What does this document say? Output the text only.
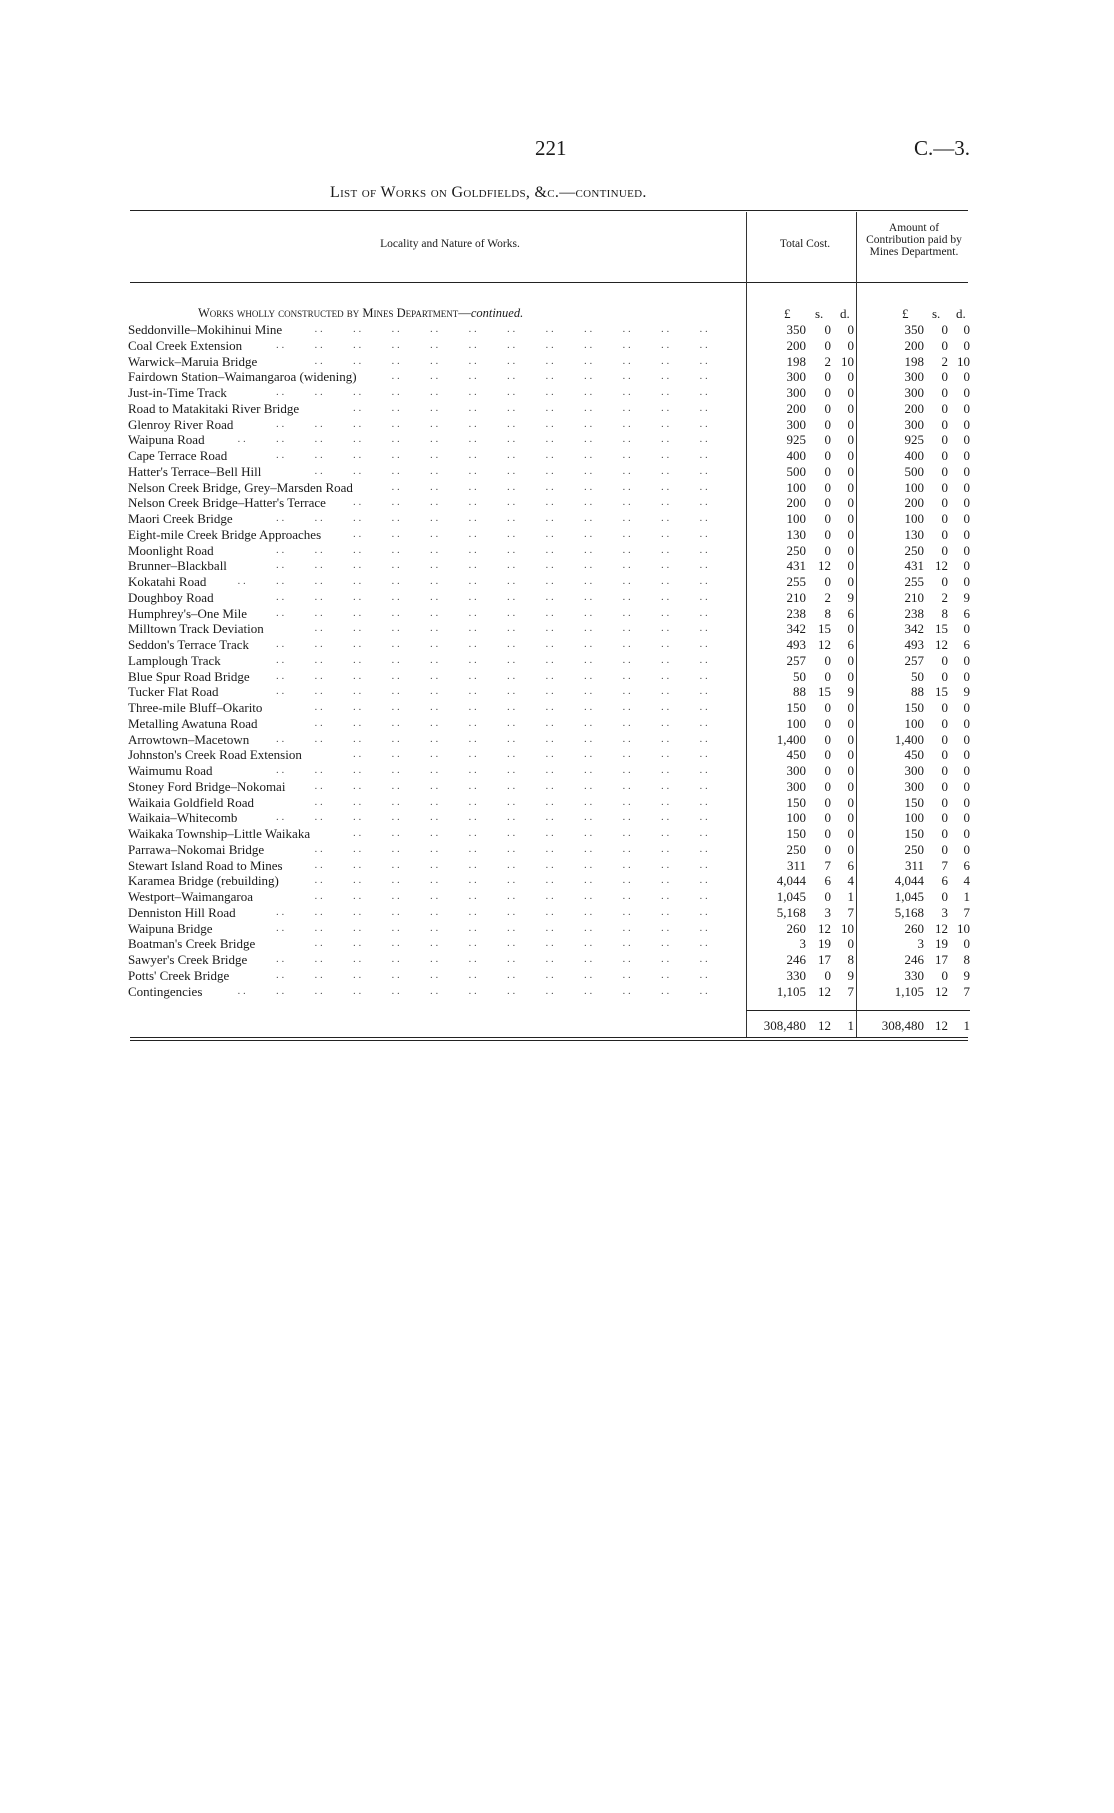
221	C.—3.
List of Works on Goldfields, &c.—continued.
Locality and Nature of Works.	Total Cost.
Amount of Contribution paid by Mines Department.
Works wholly constructed by Mines Department—continued.	£ s. d.	£ s. d.
Seddonville–Mokihinui Mine	. .           . .           . .           . .           . .           . .           . .           . .           . .           . .           . .	350	0	0	350	0	0
Coal Creek Extension	. .           . .           . .           . .           . .           . .           . .           . .           . .           . .           . .           . .	200	0	0	200	0	0
Warwick–Maruia Bridge	. .           . .           . .           . .           . .           . .           . .           . .           . .           . .           . .	198	2 10	198	2 10
Fairdown Station–Waimangaroa (widening)	. .           . .           . .           . .           . .           . .           . .           . .           . .	300	0	0	300	0	0
Just-in-Time Track	. .           . .           . .           . .           . .           . .           . .           . .           . .           . .           . .           . .	300	0	0	300	0	0
Road to Matakitaki River Bridge	. .           . .           . .           . .           . .           . .           . .           . .           . .           . .	200	0	0	200	0	0
Glenroy River Road	. .           . .           . .           . .           . .           . .           . .           . .           . .           . .           . .           . .	300	0	0	300	0	0
Waipuna Road	. .           . .           . .           . .           . .           . .           . .           . .           . .           . .           . .           . .           . .	925	0	0	925	0	0
Cape Terrace Road	. .           . .           . .           . .           . .           . .           . .           . .           . .           . .           . .           . .	400	0	0	400	0	0
Hatter's Terrace–Bell Hill	. .           . .           . .           . .           . .           . .           . .           . .           . .           . .           . .	500	0	0	500	0	0
Nelson Creek Bridge, Grey–Marsden Road	. .           . .           . .           . .           . .           . .           . .           . .           . .	100	0	0	100	0	0
Nelson Creek Bridge–Hatter's Terrace	. .           . .           . .           . .           . .           . .           . .           . .           . .           . .	200	0	0	200	0	0
Maori Creek Bridge	. .           . .           . .           . .           . .           . .           . .           . .           . .           . .           . .           . .	100	0	0	100	0	0
Eight-mile Creek Bridge Approaches	. .           . .           . .           . .           . .           . .           . .           . .           . .           . .	130	0	0	130	0	0
Moonlight Road	. .           . .           . .           . .           . .           . .           . .           . .           . .           . .           . .           . .	250	0	0	250	0	0
Brunner–Blackball	. .           . .           . .           . .           . .           . .           . .           . .           . .           . .           . .           . .	431 12	0	431 12	0
Kokatahi Road	. .           . .           . .           . .           . .           . .           . .           . .           . .           . .           . .           . .           . .	255	0	0	255	0	0
Doughboy Road	. .           . .           . .           . .           . .           . .           . .           . .           . .           . .           . .           . .	210	2	9	210	2	9
Humphrey's–One Mile	. .           . .           . .           . .           . .           . .           . .           . .           . .           . .           . .           . .	238	8	6	238	8	6
Milltown Track Deviation	. .           . .           . .           . .           . .           . .           . .           . .           . .           . .           . .	342 15	0	342 15	0
Seddon's Terrace Track	. .           . .           . .           . .           . .           . .           . .           . .           . .           . .           . .           . .	493 12	6	493 12	6
Lamplough Track	. .           . .           . .           . .           . .           . .           . .           . .           . .           . .           . .           . .	257	0	0	257	0	0
Blue Spur Road Bridge	. .           . .           . .           . .           . .           . .           . .           . .           . .           . .           . .           . .	50	0	0	50	0	0
Tucker Flat Road	. .           . .           . .           . .           . .           . .           . .           . .           . .           . .           . .           . .	88 15	9	88 15	9
Three-mile Bluff–Okarito	. .           . .           . .           . .           . .           . .           . .           . .           . .           . .           . .	150	0	0	150	0	0
Metalling Awatuna Road	. .           . .           . .           . .           . .           . .           . .           . .           . .           . .           . .	100	0	0	100	0	0
Arrowtown–Macetown	. .           . .           . .           . .           . .           . .           . .           . .           . .           . .           . .           . .	1,400	0	0	1,400	0	0
Johnston's Creek Road Extension	. .           . .           . .           . .           . .           . .           . .           . .           . .           . .	450	0	0	450	0	0
Waimumu Road	. .           . .           . .           . .           . .           . .           . .           . .           . .           . .           . .           . .	300	0	0	300	0	0
Stoney Ford Bridge–Nokomai	. .           . .           . .           . .           . .           . .           . .           . .           . .           . .           . .	300	0	0	300	0	0
Waikaia Goldfield Road	. .           . .           . .           . .           . .           . .           . .           . .           . .           . .           . .	150	0	0	150	0	0
Waikaia–Whitecomb	. .           . .           . .           . .           . .           . .           . .           . .           . .           . .           . .           . .	100	0	0	100	0	0
Waikaka Township–Little Waikaka	. .           . .           . .           . .           . .           . .           . .           . .           . .           . .	150	0	0	150	0	0
Parrawa–Nokomai Bridge	. .           . .           . .           . .           . .           . .           . .           . .           . .           . .           . .	250	0	0	250	0	0
Stewart Island Road to Mines	. .           . .           . .           . .           . .           . .           . .           . .           . .           . .           . .	311	7	6	311	7	6
Karamea Bridge (rebuilding)	. .           . .           . .           . .           . .           . .           . .           . .           . .           . .           . .	4,044	6	4	4,044	6	4
Westport–Waimangaroa	. .           . .           . .           . .           . .           . .           . .           . .           . .           . .           . .	1,045	0	1	1,045	0	1
Denniston Hill Road	. .           . .           . .           . .           . .           . .           . .           . .           . .           . .           . .           . .	5,168	3	7	5,168	3	7
Waipuna Bridge	. .           . .           . .           . .           . .           . .           . .           . .           . .           . .           . .           . .	260 12 10	260 12 10
Boatman's Creek Bridge	. .           . .           . .           . .           . .           . .           . .           . .           . .           . .           . .	3 19	0	3 19	0
Sawyer's Creek Bridge	. .           . .           . .           . .           . .           . .           . .           . .           . .           . .           . .           . .	246 17	8	246 17	8
Potts' Creek Bridge	. .           . .           . .           . .           . .           . .           . .           . .           . .           . .           . .           . .	330	0	9	330	0	9
Contingencies	. .           . .           . .           . .           . .           . .           . .           . .           . .           . .           . .           . .           . .	1,105 12	7	1,105 12	7
308,480 12	1	308,480 12	1
